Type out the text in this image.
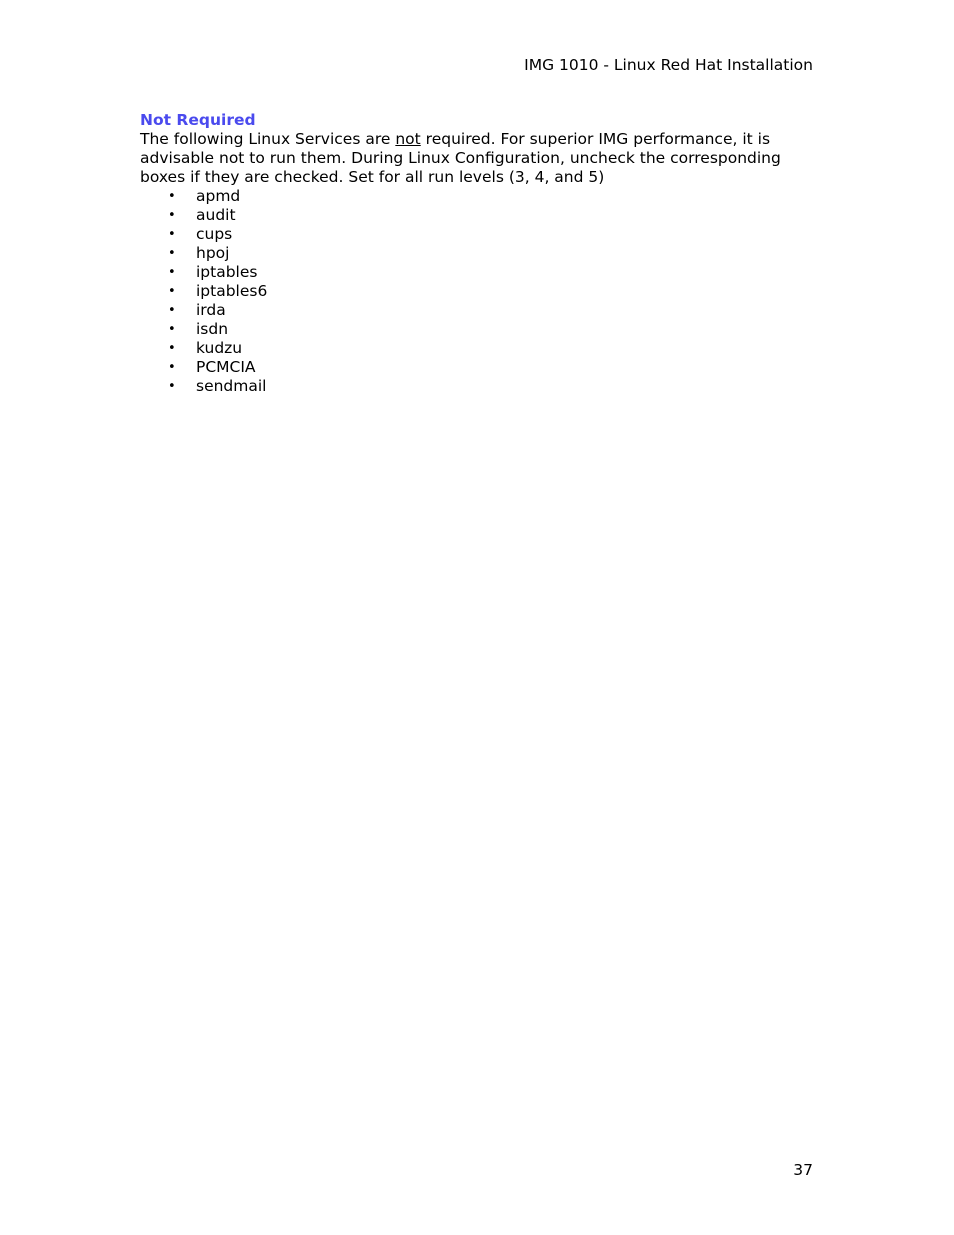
IMG 1010 - Linux Red Hat Installation
Not Required

The following Linux Services are not required. For superior IMG performance, it is
advisable not to run them. During Linux Configuration, uncheck the corresponding
boxes if they are checked. Set for all run levels (3, 4, and 5)

• apmd
• audit
• cups
• hpoj
• iptables
• iptables6
• irda
• isdn
• kudzu
• PCMCIA
• sendmail
37
